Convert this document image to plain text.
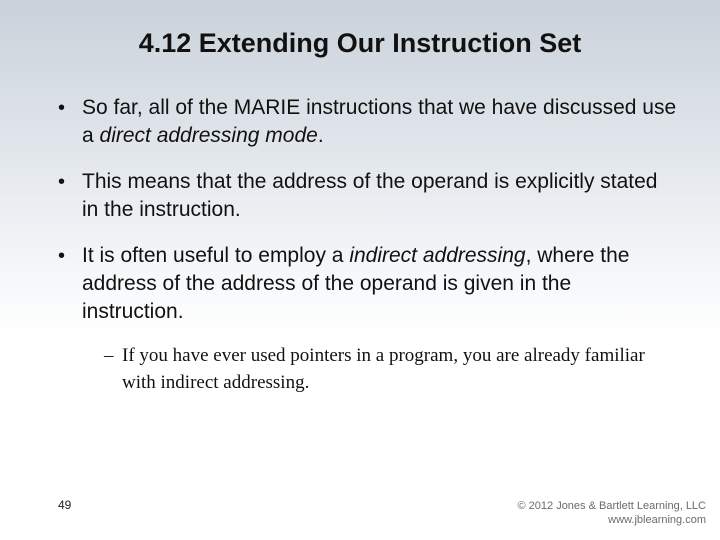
4.12 Extending Our Instruction Set
• So far, all of the MARIE instructions that we have discussed use a direct addressing mode.
• This means that the address of the operand is explicitly stated in the instruction.
• It is often useful to employ a indirect addressing, where the address of the address of the operand is given in the instruction.
– If you have ever used pointers in a program, you are already familiar with indirect addressing.
49	© 2012 Jones & Bartlett Learning, LLC
www.jblearning.com
